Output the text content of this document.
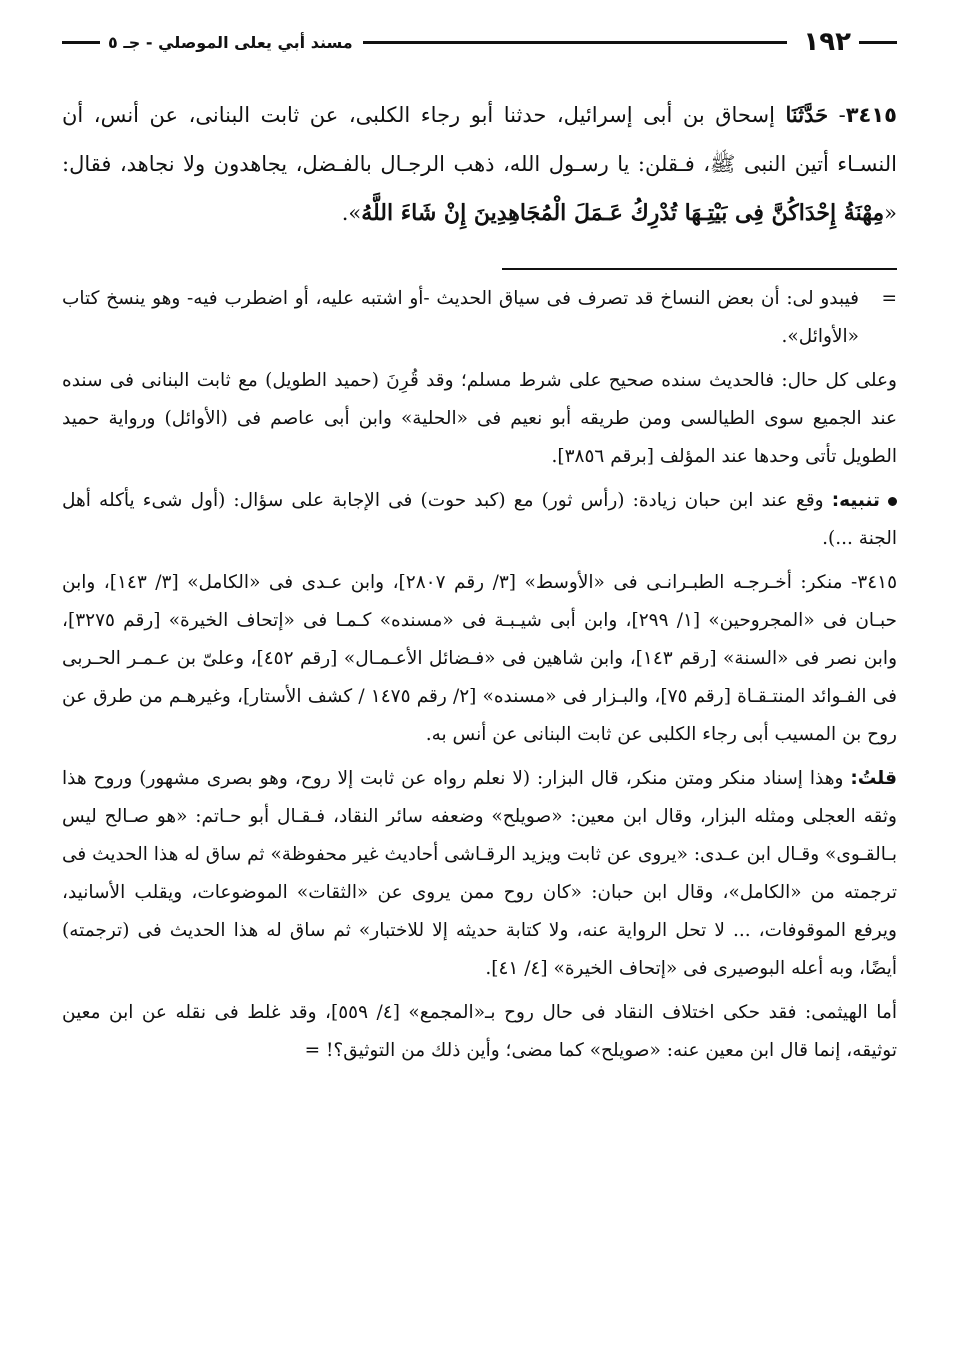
١٩٢
مسند أبي يعلى الموصلي - جـ ٥
٣٤١٥- حَدَّثَنَا إسحاق بن أبى إسرائيل، حدثنا أبو رجاء الكلبى، عن ثابت البنانى، عن أنس، أن النسـاء أتين النبى ﷺ، فـقلن: يا رسـول الله، ذهب الرجـال بالفـضل، يجاهدون ولا نجاهد، فقال: «مِهْنَةُ إِحْدَاكُنَّ فِى بَيْتِـهَا تُدْرِكُ عَـمَلَ الْمُجَاهِدِينَ إِنْ شَاءَ اللَّهُ».

=
فيبدو لى: أن بعض النساخ قد تصرف فى سياق الحديث -أو اشتبه عليه، أو اضطرب فيه- وهو ينسخ كتاب «الأوائل».

وعلى كل حال: فالحديث سنده صحيح على شرط مسلم؛ وقد قُرِنَ (حميد الطويل) مع ثابت البنانى فى سنده عند الجميع سوى الطيالسى ومن طريقه أبو نعيم فى «الحلية» وابن أبى عاصم فى (الأوائل) ورواية حميد الطويل تأتى وحدها عند المؤلف [برقم ٣٨٥٦].

تنبيه: وقع عند ابن حبان زيادة: (رأس ثور) مع (كبد حوت) فى الإجابة على سؤال: (أول شىء يأكله أهل الجنة ...).

٣٤١٥- منكر: أخـرجـه الطبـرانـى فى «الأوسط» [٣/ رقم ٢٨٠٧]، وابن عـدى فى «الكامل» [٣/ ١٤٣]، وابن حبـان فى «المجروحين» [١/ ٢٩٩]، وابن أبى شيـبـة فى «مسنده» كـمـا فى «إتحاف الخيرة» [رقم ٣٢٧٥]، وابن نصر فى «السنة» [رقم ١٤٣]، وابن شاهين فى «فـضائل الأعـمـال» [رقم ٤٥٢]، وعلىّ بن عـمـر الحـربى فى الفـوائد المنتـقـاة [رقم ٧٥]، والبـزار فى «مسنده» [٢/ رقم ١٤٧٥ / كشف الأستار]، وغيرهـم من طرق عن روح بن المسيب أبى رجاء الكلبى عن ثابت البنانى عن أنس به.

قلتُ: وهذا إسناد منكر ومتن منكر، قال البزار: (لا نعلم رواه عن ثابت إلا روح، وهو بصرى مشهور) وروح هذا وثقه العجلى ومثله البزار، وقال ابن معين: «صويلح» وضعفه سائر النقاد، فـقـال أبو حـاتم: «هو صـالح ليس بـالقـوى» وقـال ابن عـدى: «يروى عن ثابت ويزيد الرقـاشى أحاديث غير محفوظة» ثم ساق له هذا الحديث فى ترجمته من «الكامل»، وقال ابن حبان: «كان روح ممن يروى عن «الثقات» الموضوعات، ويقلب الأسانيد، ويرفع الموقوفات، ... لا تحل الرواية عنه، ولا كتابة حديثه إلا للاختبار» ثم ساق له هذا الحديث فى (ترجمته) أيضًا، وبه أعله البوصيرى فى «إتحاف الخيرة» [٤/ ٤١].

أما الهيثمى: فقد حكى اختلاف النقاد فى حال روح بـ«المجمع» [٤/ ٥٥٩]، وقد غلط فى نقله عن ابن معين توثيقه، إنما قال ابن معين عنه: «صويلح» كما مضى؛ وأين ذلك من التوثيق؟! =
